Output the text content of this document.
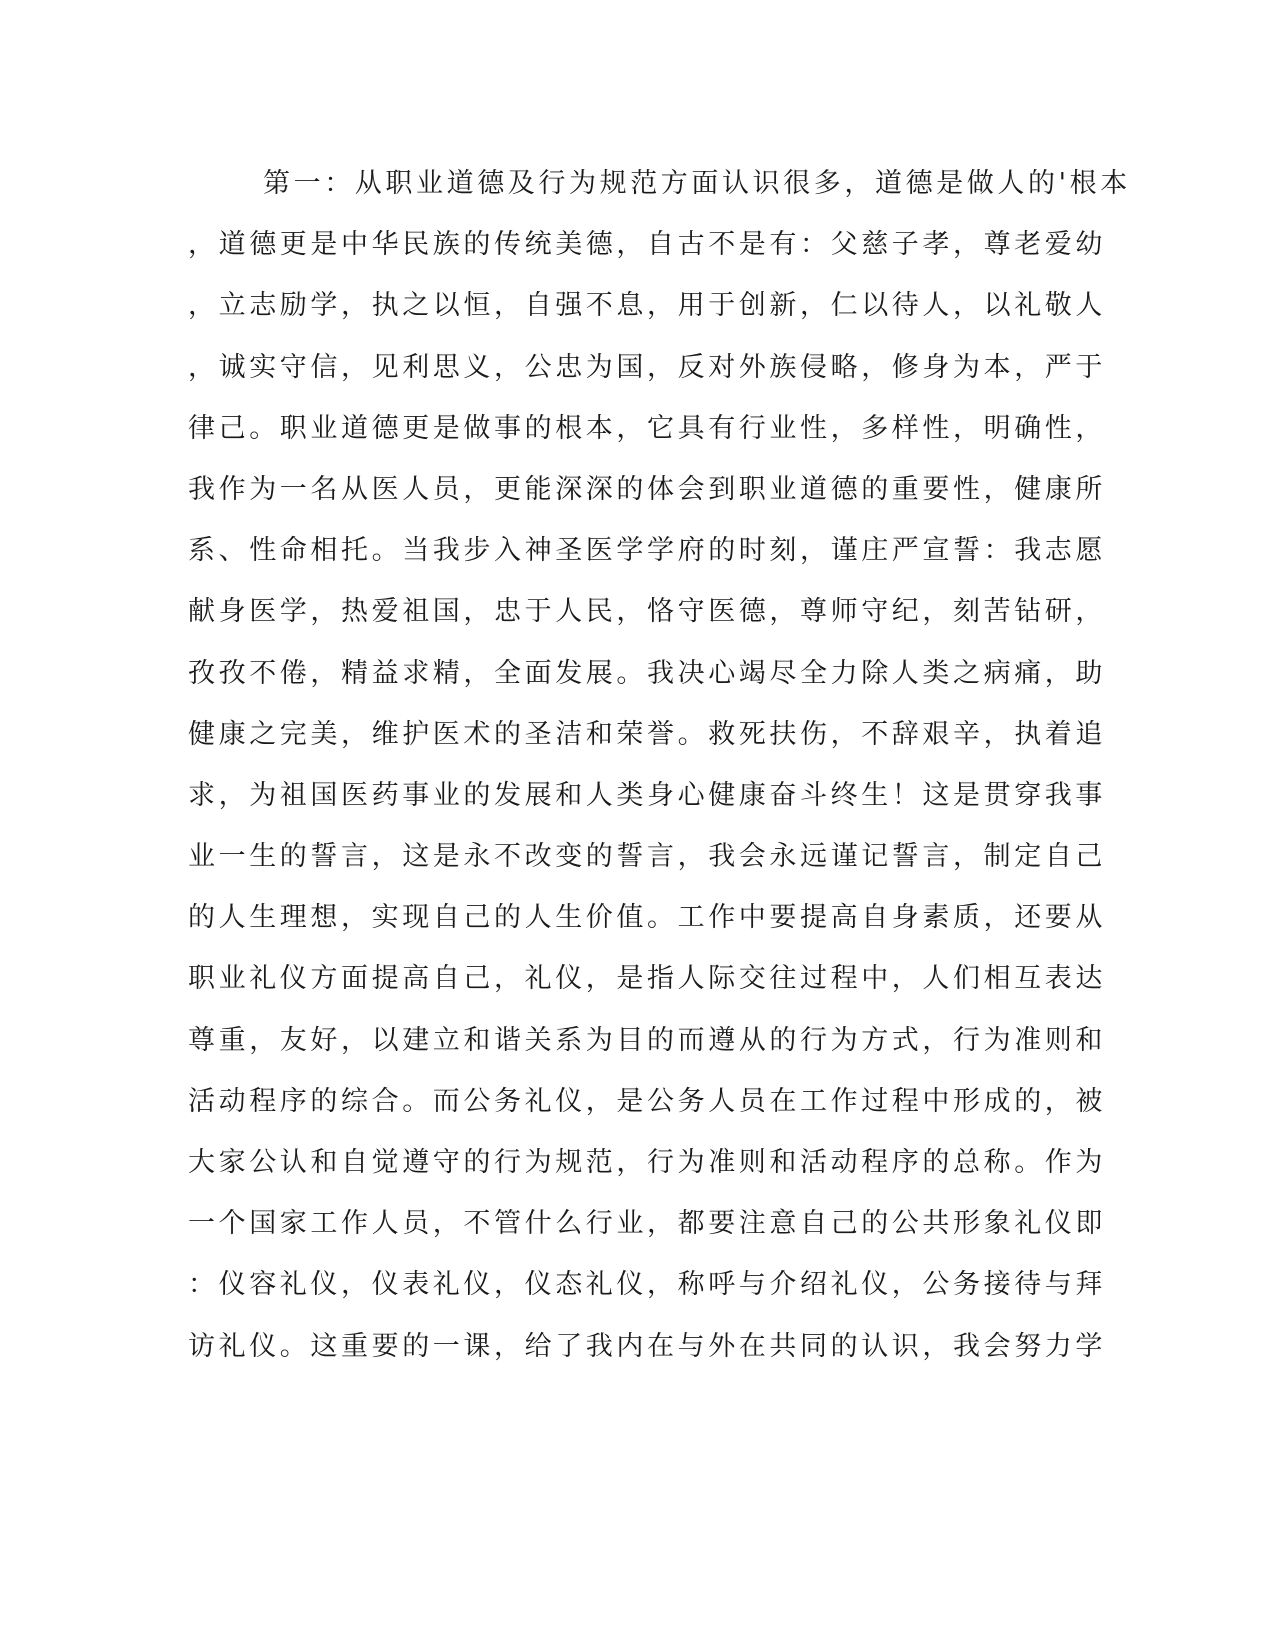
第一：从职业道德及行为规范方面认识很多，道德是做人的'根本
，道德更是中华民族的传统美德，自古不是有：父慈子孝，尊老爱幼
，立志励学，执之以恒，自强不息，用于创新，仁以待人，以礼敬人
，诚实守信，见利思义，公忠为国，反对外族侵略，修身为本，严于
律己。职业道德更是做事的根本，它具有行业性，多样性，明确性，
我作为一名从医人员，更能深深的体会到职业道德的重要性，健康所
系、性命相托。当我步入神圣医学学府的时刻，谨庄严宣誓：我志愿
献身医学，热爱祖国，忠于人民，恪守医德，尊师守纪，刻苦钻研，
孜孜不倦，精益求精，全面发展。我决心竭尽全力除人类之病痛，助
健康之完美，维护医术的圣洁和荣誉。救死扶伤，不辞艰辛，执着追
求，为祖国医药事业的发展和人类身心健康奋斗终生！这是贯穿我事
业一生的誓言，这是永不改变的誓言，我会永远谨记誓言，制定自己
的人生理想，实现自己的人生价值。工作中要提高自身素质，还要从
职业礼仪方面提高自己，礼仪，是指人际交往过程中，人们相互表达
尊重，友好，以建立和谐关系为目的而遵从的行为方式，行为准则和
活动程序的综合。而公务礼仪，是公务人员在工作过程中形成的，被
大家公认和自觉遵守的行为规范，行为准则和活动程序的总称。作为
一个国家工作人员，不管什么行业，都要注意自己的公共形象礼仪即
：仪容礼仪，仪表礼仪，仪态礼仪，称呼与介绍礼仪，公务接待与拜
访礼仪。这重要的一课，给了我内在与外在共同的认识，我会努力学
